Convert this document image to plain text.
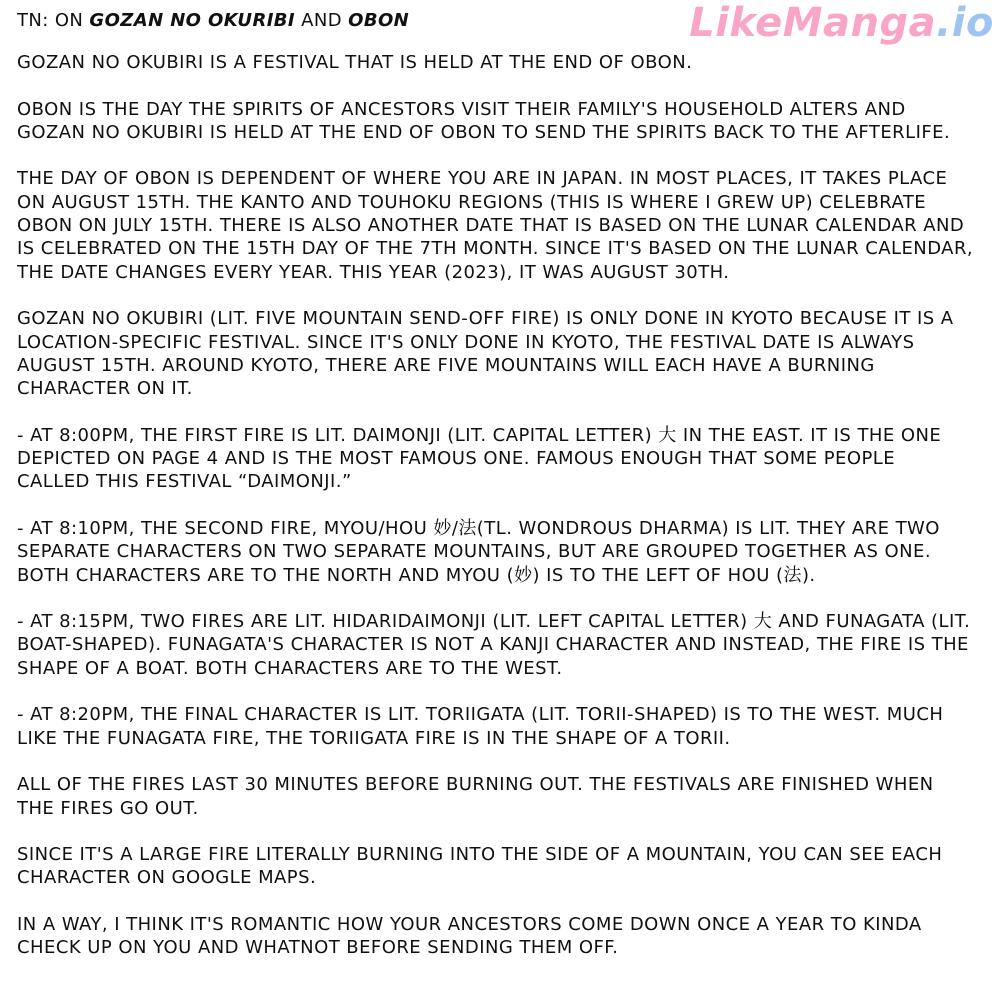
LikeManga.io
TN: ON GOZAN NO OKURIBI AND OBON

GOZAN NO OKUBIRI IS A FESTIVAL THAT IS HELD AT THE END OF OBON.

OBON IS THE DAY THE SPIRITS OF ANCESTORS VISIT THEIR FAMILY'S HOUSEHOLD ALTERS AND GOZAN NO OKUBIRI IS HELD AT THE END OF OBON TO SEND THE SPIRITS BACK TO THE AFTERLIFE.

THE DAY OF OBON IS DEPENDENT OF WHERE YOU ARE IN JAPAN. IN MOST PLACES, IT TAKES PLACE ON AUGUST 15TH. THE KANTO AND TOUHOKU REGIONS (THIS IS WHERE I GREW UP) CELEBRATE OBON ON JULY 15TH. THERE IS ALSO ANOTHER DATE THAT IS BASED ON THE LUNAR CALENDAR AND IS CELEBRATED ON THE 15TH DAY OF THE 7TH MONTH. SINCE IT'S BASED ON THE LUNAR CALENDAR, THE DATE CHANGES EVERY YEAR. THIS YEAR (2023), IT WAS AUGUST 30TH.

GOZAN NO OKUBIRI (LIT. FIVE MOUNTAIN SEND-OFF FIRE) IS ONLY DONE IN KYOTO BECAUSE IT IS A LOCATION-SPECIFIC FESTIVAL. SINCE IT'S ONLY DONE IN KYOTO, THE FESTIVAL DATE IS ALWAYS AUGUST 15TH. AROUND KYOTO, THERE ARE FIVE MOUNTAINS WILL EACH HAVE A BURNING CHARACTER ON IT.

- AT 8:00PM, THE FIRST FIRE IS LIT. DAIMONJI (LIT. CAPITAL LETTER) 大 IN THE EAST. IT IS THE ONE DEPICTED ON PAGE 4 AND IS THE MOST FAMOUS ONE. FAMOUS ENOUGH THAT SOME PEOPLE CALLED THIS FESTIVAL “DAIMONJI.”

- AT 8:10PM, THE SECOND FIRE, MYOU/HOU 妙/法(TL. WONDROUS DHARMA) IS LIT. THEY ARE TWO SEPARATE CHARACTERS ON TWO SEPARATE MOUNTAINS, BUT ARE GROUPED TOGETHER AS ONE. BOTH CHARACTERS ARE TO THE NORTH AND MYOU (妙) IS TO THE LEFT OF HOU (法).

- AT 8:15PM, TWO FIRES ARE LIT. HIDARIDAIMONJI (LIT. LEFT CAPITAL LETTER) 大 AND FUNAGATA (LIT. BOAT-SHAPED). FUNAGATA'S CHARACTER IS NOT A KANJI CHARACTER AND INSTEAD, THE FIRE IS THE SHAPE OF A BOAT. BOTH CHARACTERS ARE TO THE WEST.

- AT 8:20PM, THE FINAL CHARACTER IS LIT. TORIIGATA (LIT. TORII-SHAPED) IS TO THE WEST. MUCH LIKE THE FUNAGATA FIRE, THE TORIIGATA FIRE IS IN THE SHAPE OF A TORII.

ALL OF THE FIRES LAST 30 MINUTES BEFORE BURNING OUT. THE FESTIVALS ARE FINISHED WHEN THE FIRES GO OUT.

SINCE IT'S A LARGE FIRE LITERALLY BURNING INTO THE SIDE OF A MOUNTAIN, YOU CAN SEE EACH CHARACTER ON GOOGLE MAPS.

IN A WAY, I THINK IT'S ROMANTIC HOW YOUR ANCESTORS COME DOWN ONCE A YEAR TO KINDA CHECK UP ON YOU AND WHATNOT BEFORE SENDING THEM OFF.
